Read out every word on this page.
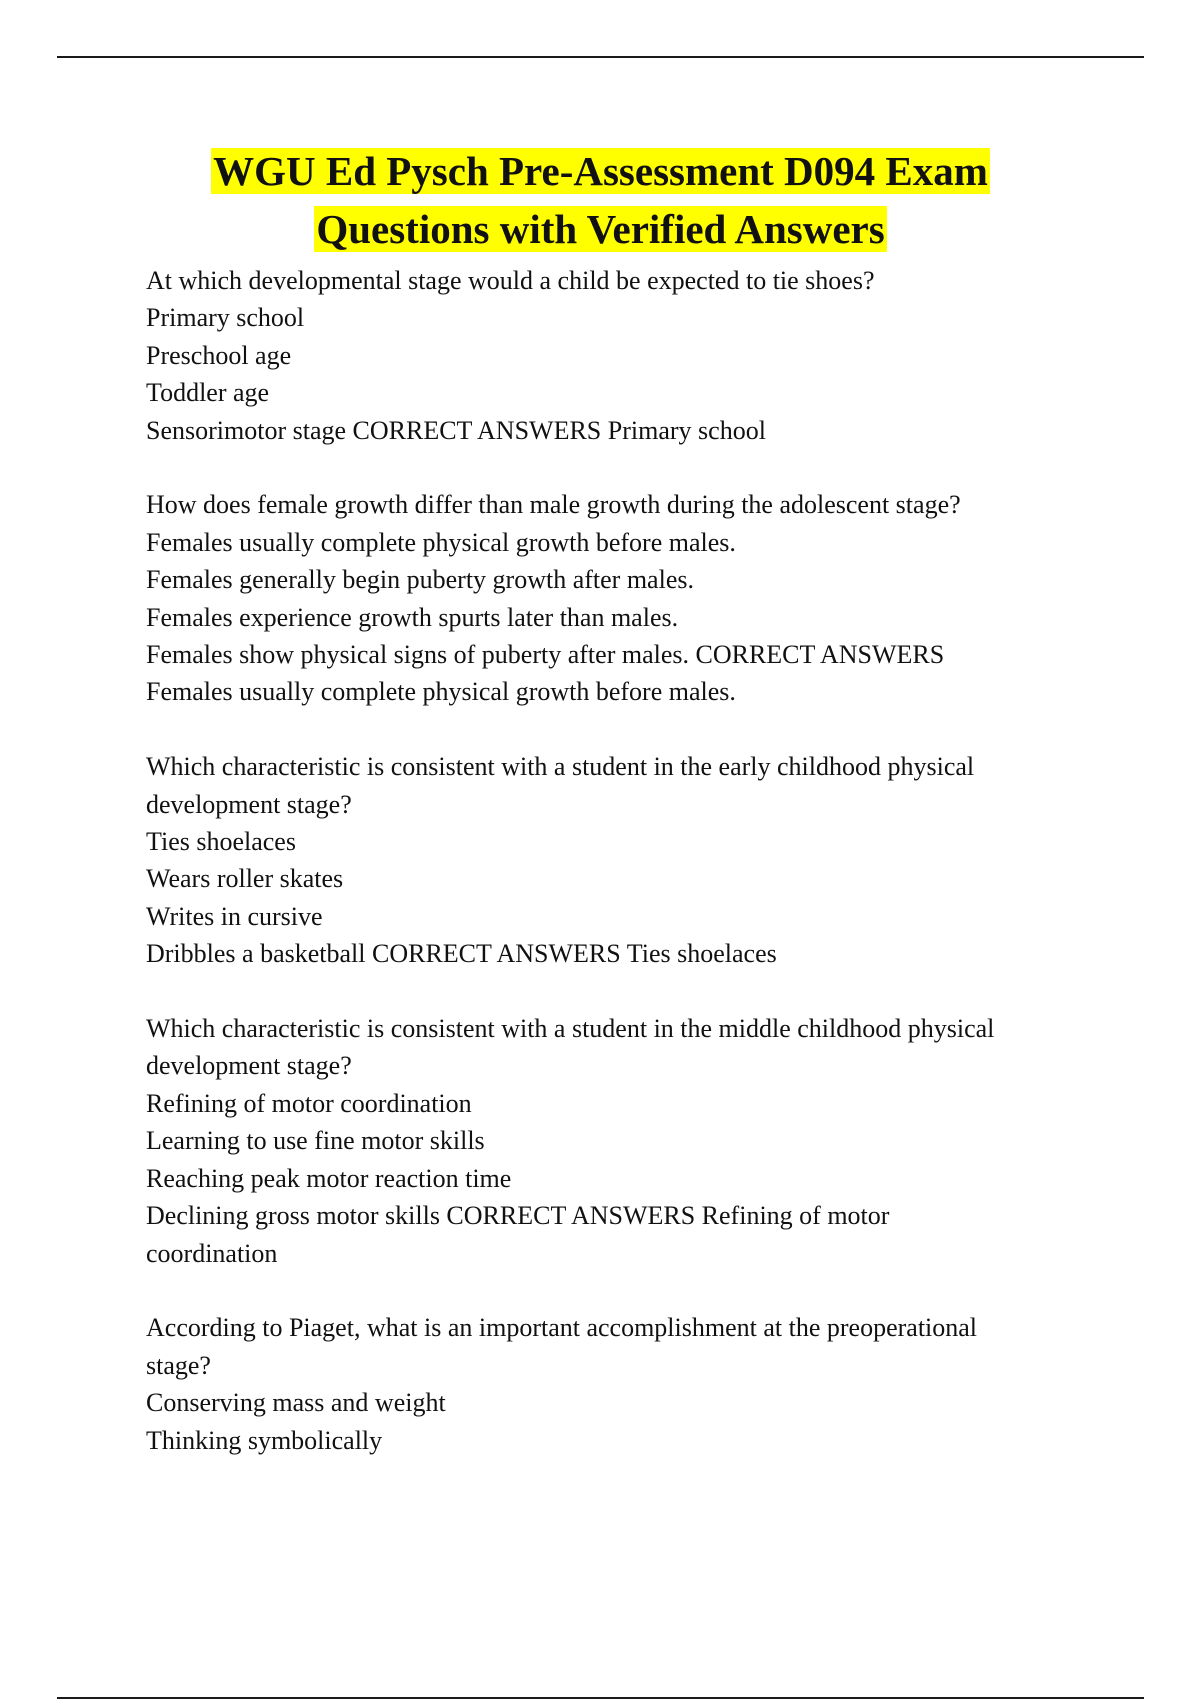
WGU Ed Pysch Pre-Assessment D094 Exam
Questions with Verified Answers
At which developmental stage would a child be expected to tie shoes?
Primary school
Preschool age
Toddler age
Sensorimotor stage CORRECT ANSWERS Primary school
How does female growth differ than male growth during the adolescent stage?
Females usually complete physical growth before males.
Females generally begin puberty growth after males.
Females experience growth spurts later than males.
Females show physical signs of puberty after males. CORRECT ANSWERS
Females usually complete physical growth before males.
Which characteristic is consistent with a student in the early childhood physical
development stage?
Ties shoelaces
Wears roller skates
Writes in cursive
Dribbles a basketball CORRECT ANSWERS Ties shoelaces
Which characteristic is consistent with a student in the middle childhood physical
development stage?
Refining of motor coordination
Learning to use fine motor skills
Reaching peak motor reaction time
Declining gross motor skills CORRECT ANSWERS Refining of motor
coordination
According to Piaget, what is an important accomplishment at the preoperational
stage?
Conserving mass and weight
Thinking symbolically
